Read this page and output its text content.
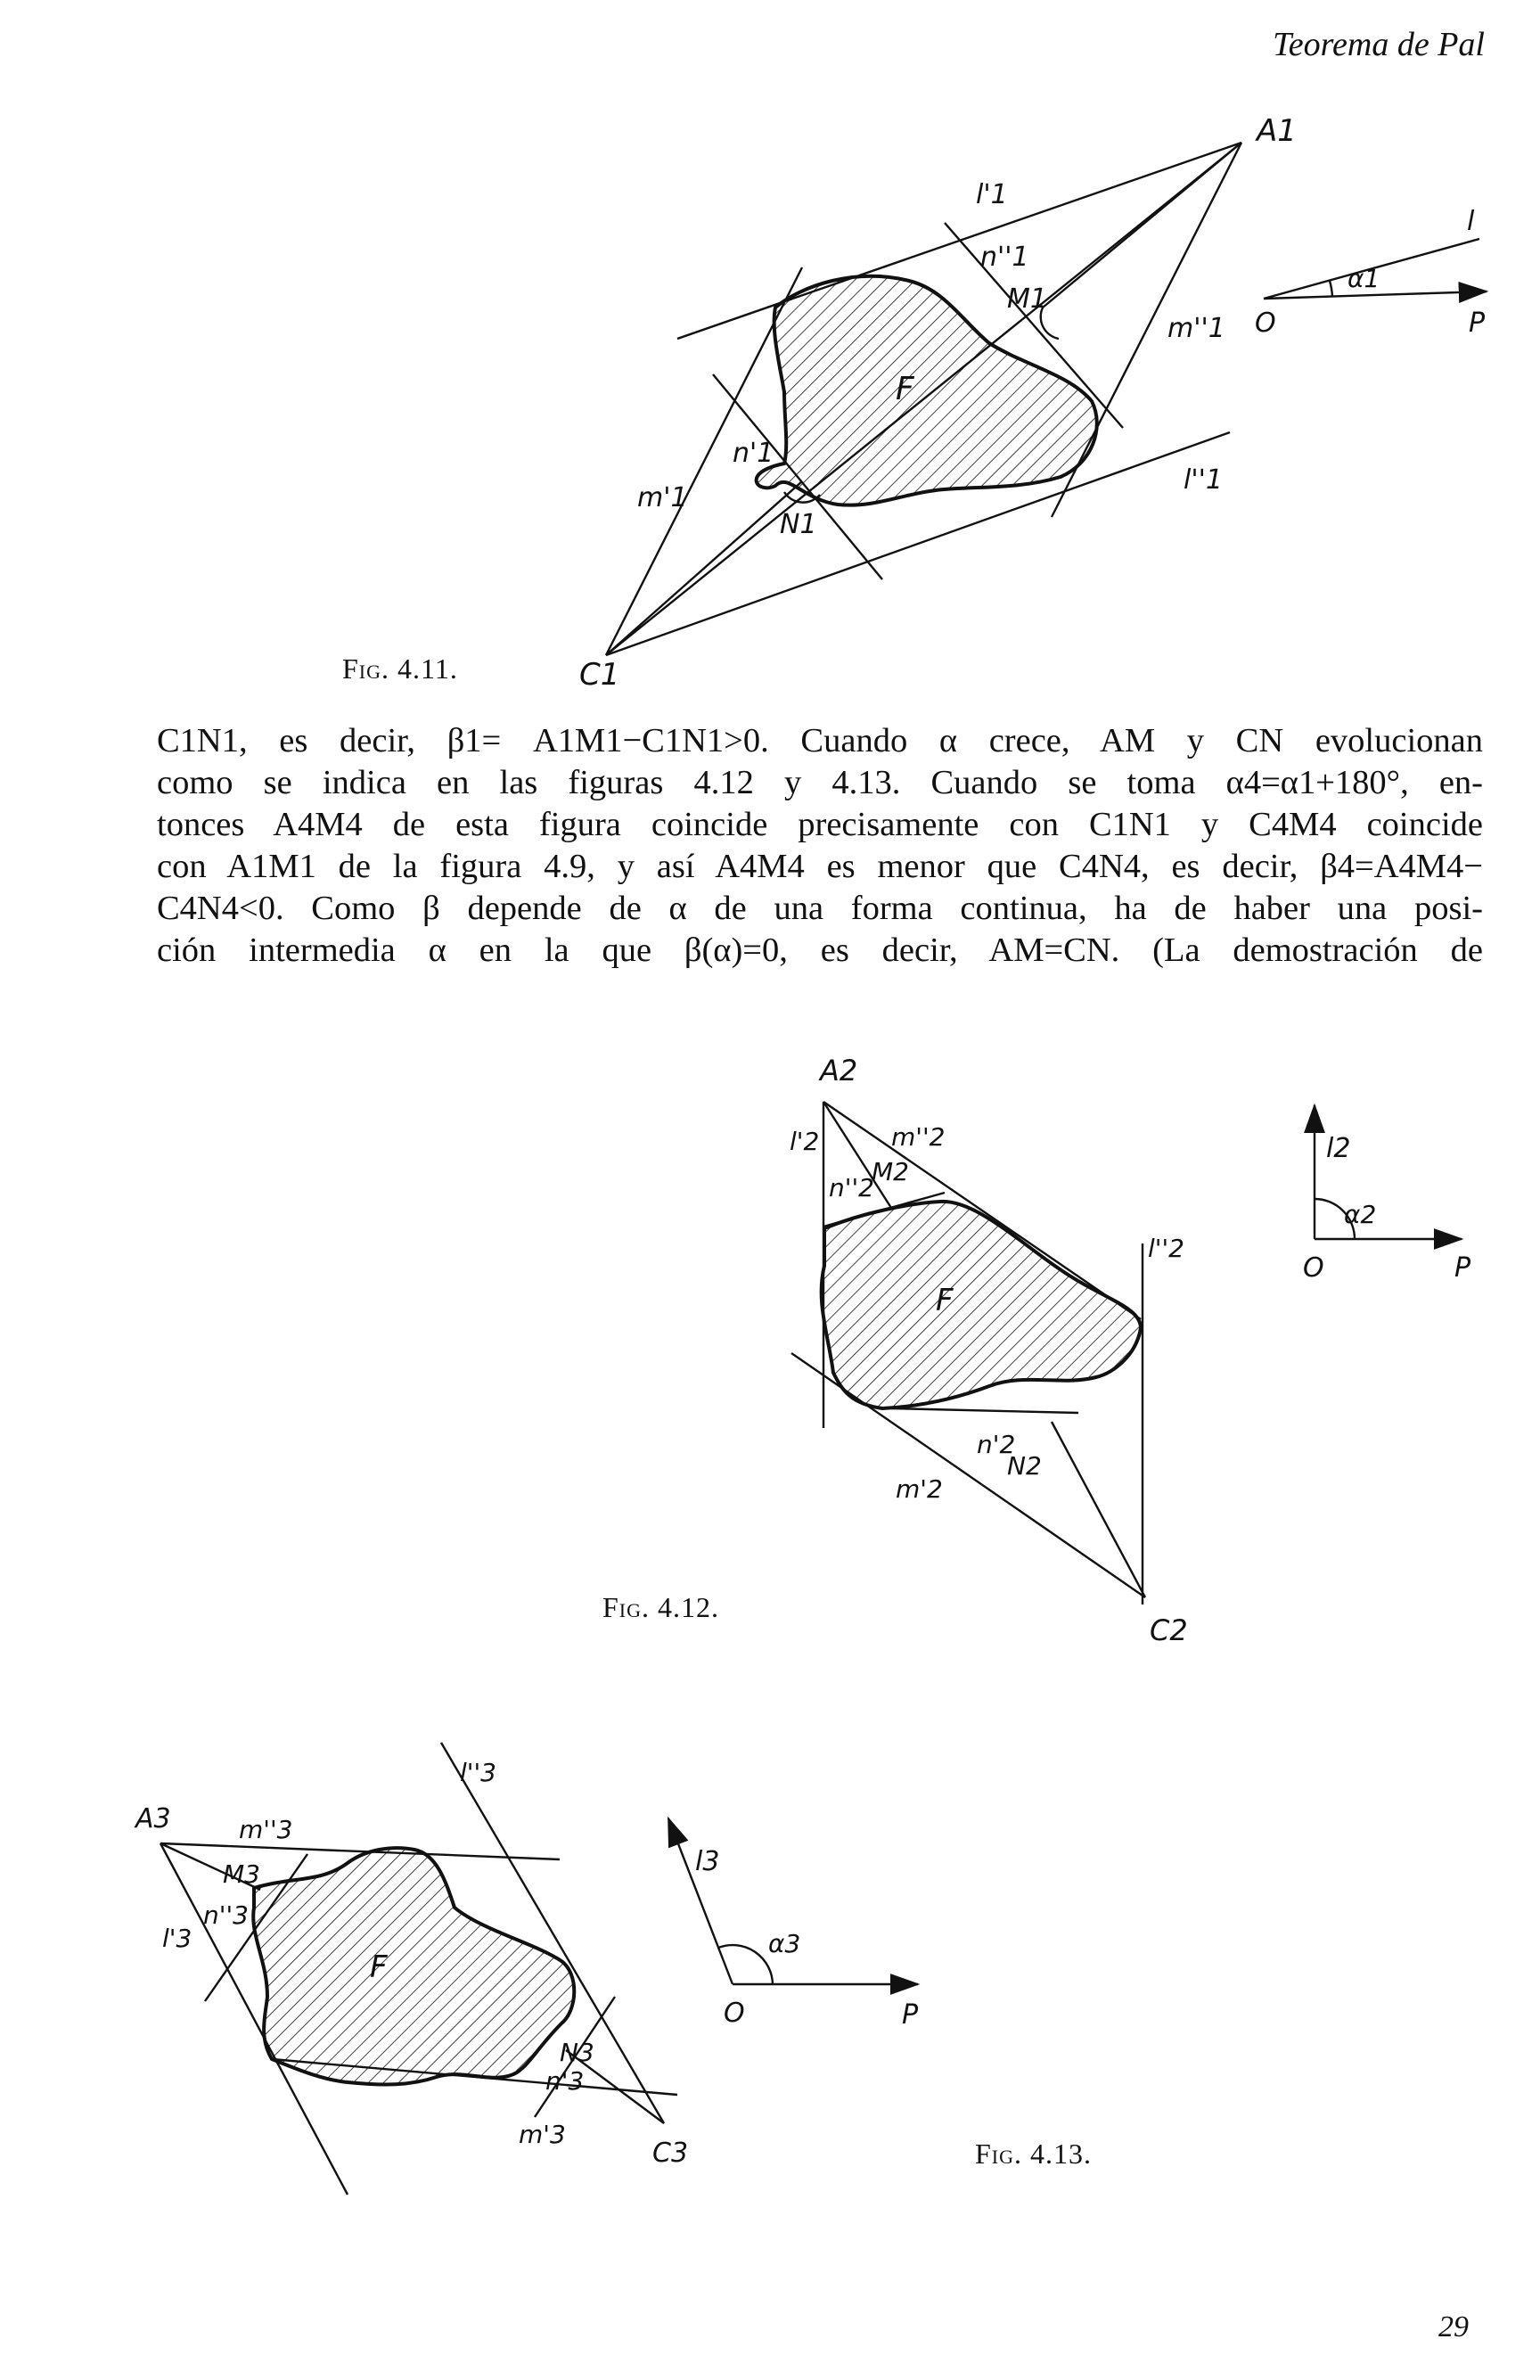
Teorema de Pal
A1
C1
M1
N1
F
l'1
l''1
m'1
m''1
n'1
n''1
O	P
l
α1
A2
C2
M2
N2
F
l'2
l''2
m'2
m''2
n'2
n''2
O	P
l2
α2
A3
C3
M3
N3
F
l'3
l''3
m'3
m''3
n'3
n''3
O	P
l3
α3
Fig. 4.11.
Fig. 4.12.
Fig. 4.13.
C1N1, es decir, β1= A1M1−C1N1>0. Cuando α crece, AM y CN evolucionan
como se indica en las figuras 4.12 y 4.13. Cuando se toma α4=α1+180°, en-
tonces A4M4 de esta figura coincide precisamente con C1N1 y C4M4 coincide
con A1M1 de la figura 4.9, y así A4M4 es menor que C4N4, es decir, β4=A4M4−
C4N4<0. Como β depende de α de una forma continua, ha de haber una posi-
ción intermedia α en la que β(α)=0, es decir, AM=CN. (La demostración de
29
